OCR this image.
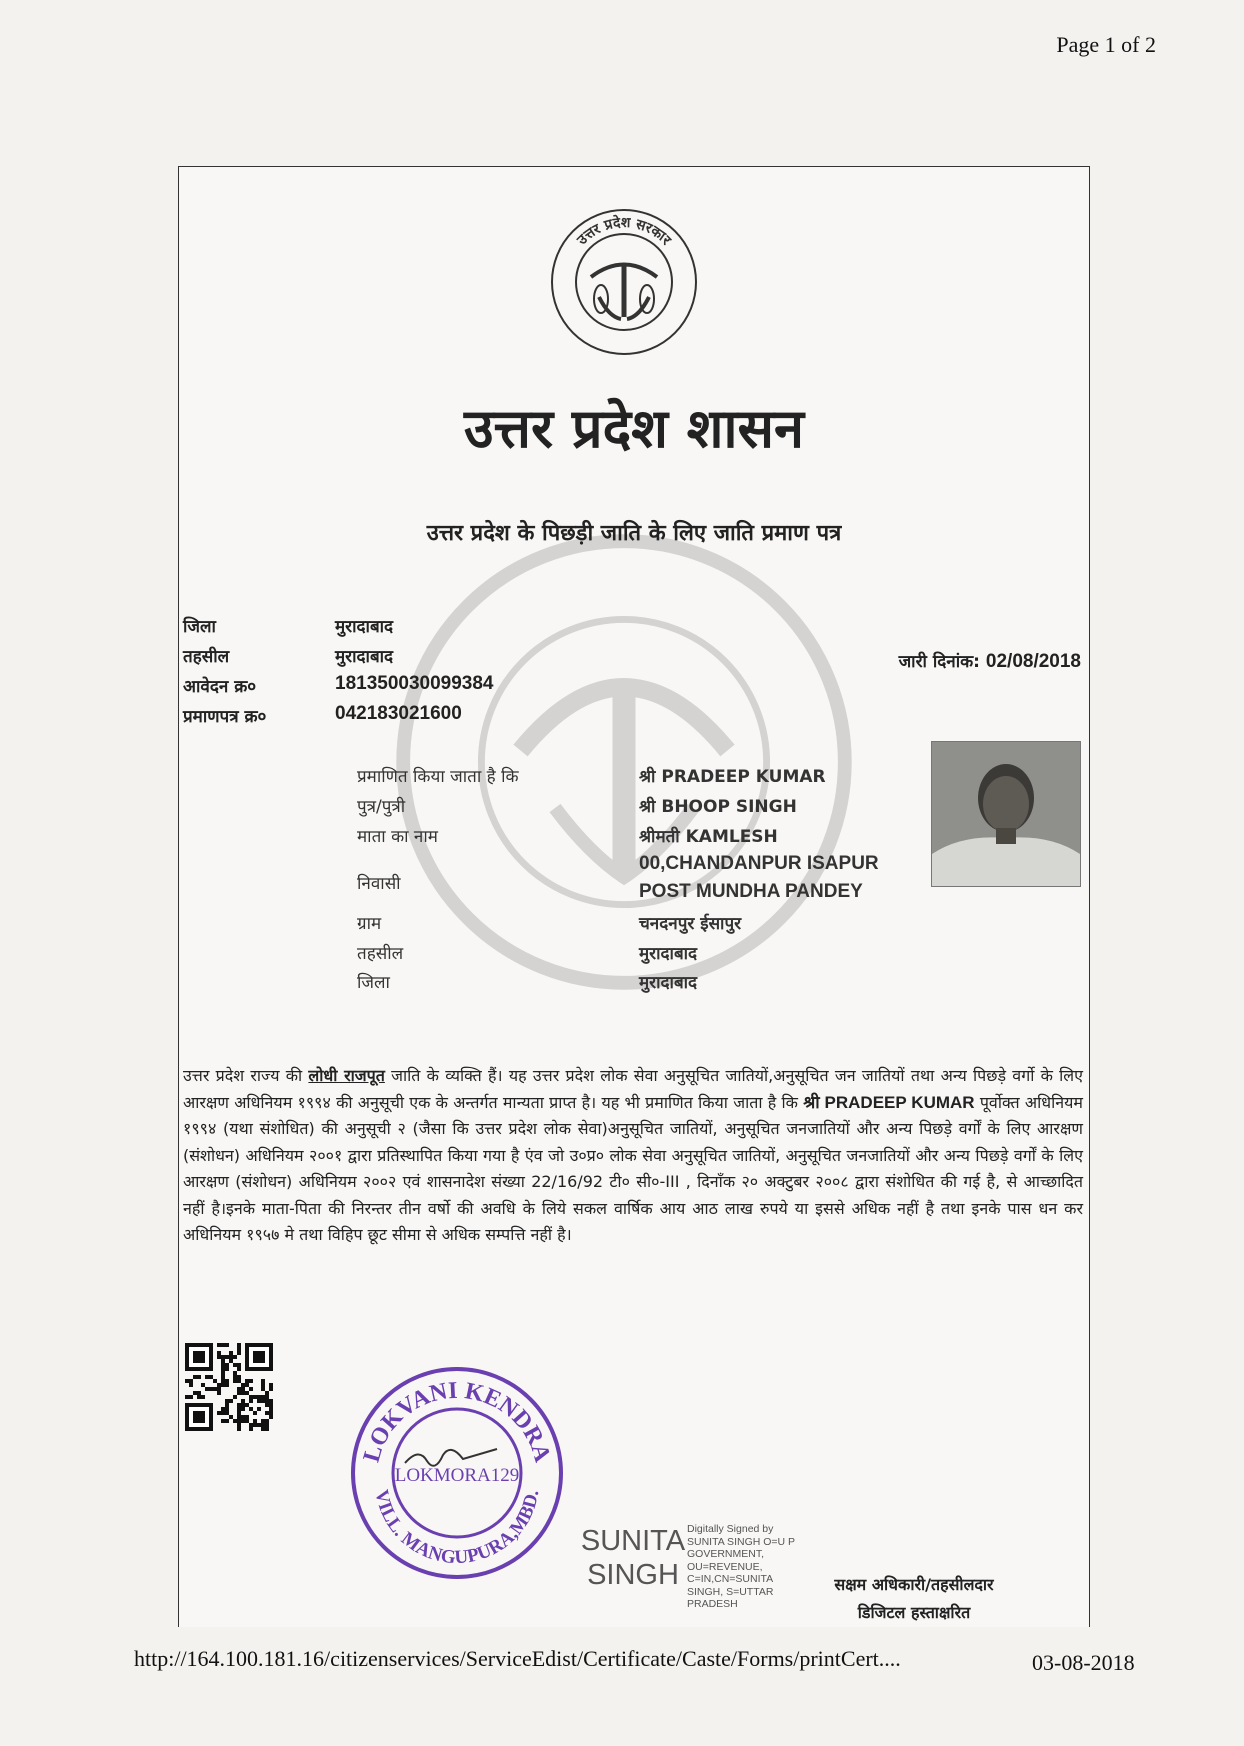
Page 1 of 2
उत्तर प्रदेश सरकार
उत्तर प्रदेश शासन
उत्तर प्रदेश के पिछड़ी जाति के लिए जाति प्रमाण पत्र
जिला	मुरादाबाद
तहसील	मुरादाबाद
आवेदन क्र०	181350030099384
प्रमाणपत्र क्र०	042183021600
जारी दिनांक: 02/08/2018
प्रमाणित किया जाता है कि	श्री PRADEEP KUMAR
पुत्र/पुत्री	श्री BHOOP SINGH
माता का नाम	श्रीमती KAMLESH
निवासी
00,CHANDANPUR ISAPUR
POST MUNDHA PANDEY
ग्राम	चनदनपुर ईसापुर
तहसील	मुरादाबाद
जिला	मुरादाबाद
उत्तर प्रदेश राज्य की लोधी राजपूत जाति के व्यक्ति हैं। यह उत्तर प्रदेश लोक सेवा अनुसूचित जातियों,अनुसूचित जन जातियों तथा अन्य पिछड़े वर्गो के लिए आरक्षण अधिनियम १९९४ की अनुसूची एक के अन्तर्गत मान्यता प्राप्त है। यह भी प्रमाणित किया जाता है कि श्री PRADEEP KUMAR पूर्वोक्त अधिनियम १९९४ (यथा संशोधित) की अनुसूची २ (जैसा कि उत्तर प्रदेश लोक सेवा)अनुसूचित जातियों, अनुसूचित जनजातियों और अन्य पिछड़े वर्गों के लिए आरक्षण (संशोधन) अधिनियम २००१ द्वारा प्रतिस्थापित किया गया है एंव जो उ०प्र० लोक सेवा अनुसूचित जातियों, अनुसूचित जनजातियों और अन्य पिछड़े वर्गों के लिए आरक्षण (संशोधन) अधिनियम २००२ एवं शासनादेश संख्या 22/16/92 टी० सी०-III , दिनाँक २० अक्टुबर २००८ द्वारा संशोधित की गई है, से आच्छादित नहीं है।इनके माता-पिता की निरन्तर तीन वर्षो की अवधि के लिये सकल वार्षिक आय आठ लाख रुपये या इससे अधिक नहीं है तथा इनके पास धन कर अधिनियम १९५७ मे तथा विहिप छूट सीमा से अधिक सम्पत्ति नहीं है।
LOKVANI KENDRA
VILL. MANGUPURA,MBD.
LOKMORA129
SUNITA
SINGH
Digitally Signed by
SUNITA SINGH O=U P
GOVERNMENT,
OU=REVENUE,
C=IN,CN=SUNITA
SINGH, S=UTTAR
PRADESH
सक्षम अधिकारी/तहसीलदार
डिजिटल हस्ताक्षरित
http://164.100.181.16/citizenservices/ServiceEdist/Certificate/Caste/Forms/printCert....	03-08-2018
